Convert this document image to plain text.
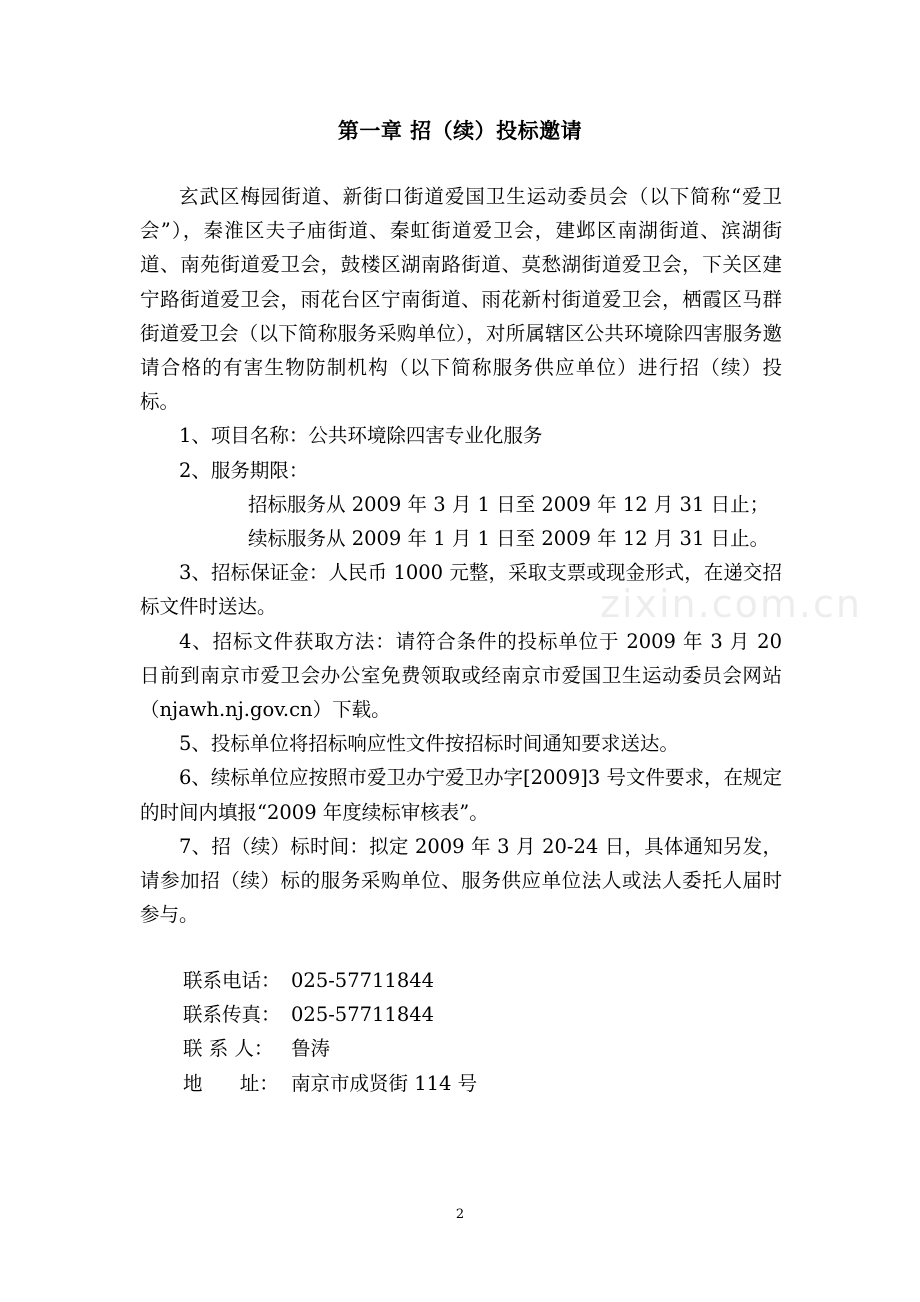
第一章 招（续）投标邀请

玄武区梅园街道、新街口街道爱国卫生运动委员会（以下简称“爱卫会”），秦淮区夫子庙街道、秦虹街道爱卫会，建邺区南湖街道、滨湖街道、南苑街道爱卫会，鼓楼区湖南路街道、莫愁湖街道爱卫会，下关区建宁路街道爱卫会，雨花台区宁南街道、雨花新村街道爱卫会，栖霞区马群街道爱卫会（以下简称服务采购单位），对所属辖区公共环境除四害服务邀请合格的有害生物防制机构（以下简称服务供应单位）进行招（续）投标。

1、项目名称：公共环境除四害专业化服务

2、服务期限：

招标服务从 2009 年 3 月 1 日至 2009 年 12 月 31 日止；

续标服务从 2009 年 1 月 1 日至 2009 年 12 月 31 日止。

3、招标保证金：人民币 1000 元整，采取支票或现金形式，在递交招标文件时送达。

4、招标文件获取方法：请符合条件的投标单位于 2009 年 3 月 20 日前到南京市爱卫会办公室免费领取或经南京市爱国卫生运动委员会网站（njawh.nj.gov.cn）下载。

5、投标单位将招标响应性文件按招标时间通知要求送达。

6、续标单位应按照市爱卫办宁爱卫办字[2009]3 号文件要求，在规定的时间内填报“2009 年度续标审核表”。

7、招（续）标时间：拟定 2009 年 3 月 20-24 日，具体通知另发，请参加招（续）标的服务采购单位、服务供应单位法人或法人委托人届时参与。

联系电话： 025-57711844

联系传真： 025-57711844

联 系 人： 鲁涛

地      址： 南京市成贤街 114 号

zixin.com.cn
2
